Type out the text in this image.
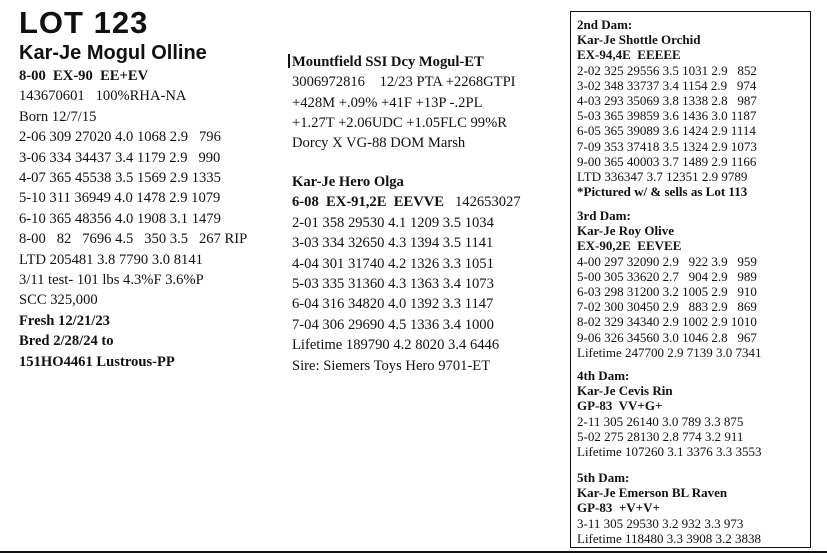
LOT 123
Kar-Je Mogul Olline
8-00  EX-90  EE+EV
143670601   100%RHA-NA
Born 12/7/15
2-06 309 27020 4.0 1068 2.9   796
3-06 334 34437 3.4 1179 2.9   990
4-07 365 45538 3.5 1569 2.9 1335
5-10 311 36949 4.0 1478 2.9 1079
6-10 365 48356 4.0 1908 3.1 1479
8-00   82   7696 4.5   350 3.5   267 RIP
LTD 205481 3.8 7790 3.0 8141
3/11 test- 101 lbs 4.3%F 3.6%P
SCC 325,000
Fresh 12/21/23
Bred 2/28/24 to
151HO4461 Lustrous-PP
Mountfield SSI Dcy Mogul-ET
3006972816    12/23 PTA +2268GTPI
+428M +.09% +41F +13P -.2PL
+1.27T +2.06UDC +1.05FLC 99%R
Dorcy X VG-88 DOM Marsh
Kar-Je Hero Olga
6-08  EX-91,2E  EEVVE   142653027
2-01 358 29530 4.1 1209 3.5 1034
3-03 334 32650 4.3 1394 3.5 1141
4-04 301 31740 4.2 1326 3.3 1051
5-03 335 31360 4.3 1363 3.4 1073
6-04 316 34820 4.0 1392 3.3 1147
7-04 306 29690 4.5 1336 3.4 1000
Lifetime 189790 4.2 8020 3.4 6446
Sire: Siemers Toys Hero 9701-ET
2nd Dam:
Kar-Je Shottle Orchid
EX-94,4E  EEEEE
2-02 325 29556 3.5 1031 2.9   852
3-02 348 33737 3.4 1154 2.9   974
4-03 293 35069 3.8 1338 2.8   987
5-03 365 39859 3.6 1436 3.0 1187
6-05 365 39089 3.6 1424 2.9 1114
7-09 353 37418 3.5 1324 2.9 1073
9-00 365 40003 3.7 1489 2.9 1166
LTD 336347 3.7 12351 2.9 9789
*Pictured w/ & sells as Lot 113
3rd Dam:
Kar-Je Roy Olive
EX-90,2E  EEVEE
4-00 297 32090 2.9   922 3.9   959
5-00 305 33620 2.7   904 2.9   989
6-03 298 31200 3.2 1005 2.9   910
7-02 300 30450 2.9   883 2.9   869
8-02 329 34340 2.9 1002 2.9 1010
9-06 326 34560 3.0 1046 2.8   967
Lifetime 247700 2.9 7139 3.0 7341
4th Dam:
Kar-Je Cevis Rin
GP-83  VV+G+
2-11 305 26140 3.0 789 3.3 875
5-02 275 28130 2.8 774 3.2 911
Lifetime 107260 3.1 3376 3.3 3553
5th Dam:
Kar-Je Emerson BL Raven
GP-83  +V+V+
3-11 305 29530 3.2 932 3.3 973
Lifetime 118480 3.3 3908 3.2 3838
